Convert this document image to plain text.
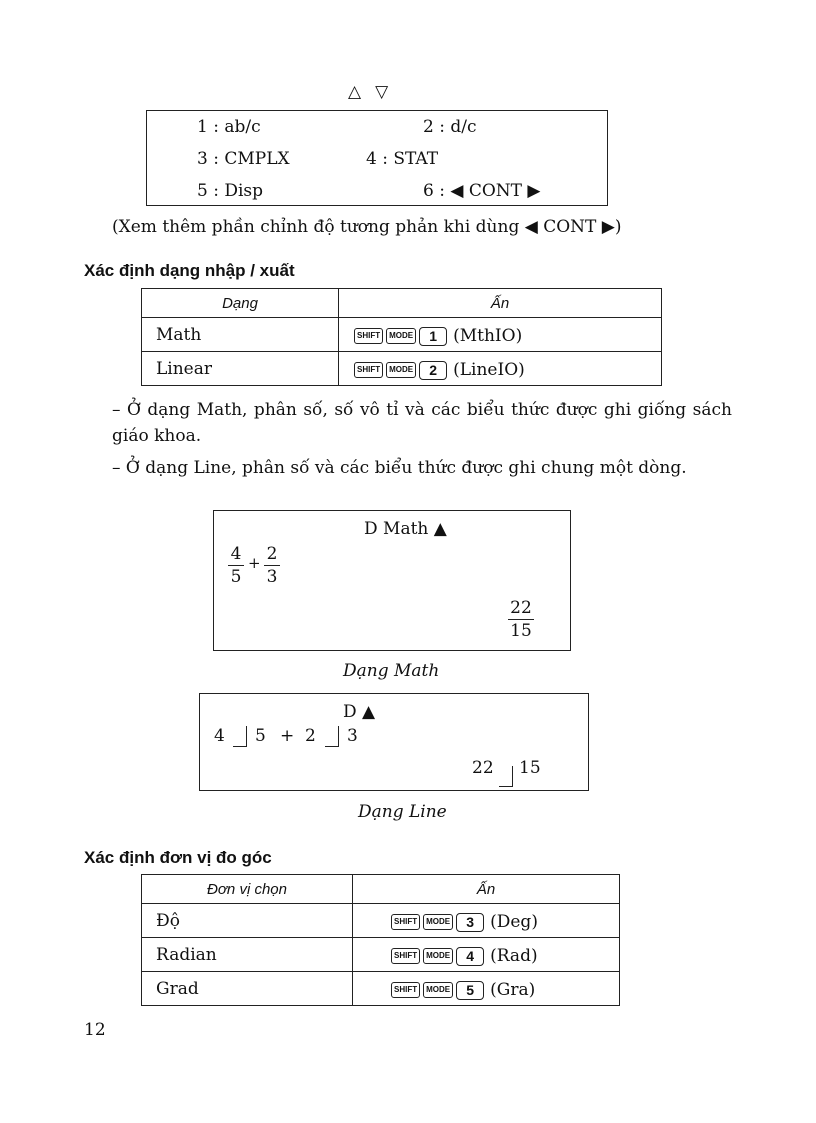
△▽
1 : ab/c	2 : d/c
3 : CMPLX	4 : STAT
5 : Disp	6 : ◀ CONT ▶
(Xem thêm phần chỉnh độ tương phản khi dùng ◀ CONT ▶)
Xác định dạng nhập / xuất
Dạng	Ấn
Math	SHIFT MODE 1 (MthIO)

Linear	SHIFT MODE 2 (LineIO)
– Ở dạng Math, phân số, số vô tỉ và các biểu thức được ghi giống sách giáo khoa.
– Ở dạng Line, phân số và các biểu thức được ghi chung một dòng.
D Math ▲
4
5
+ 2
3
22
15
Dạng Math
D ▲
4 5 + 2 3
22 15
Dạng Line
Xác định đơn vị đo góc
Đơn vị chọn	Ấn
Độ	SHIFT MODE 3 (Deg)

Radian	SHIFT MODE 4 (Rad)

Grad	SHIFT MODE 5 (Gra)
12
